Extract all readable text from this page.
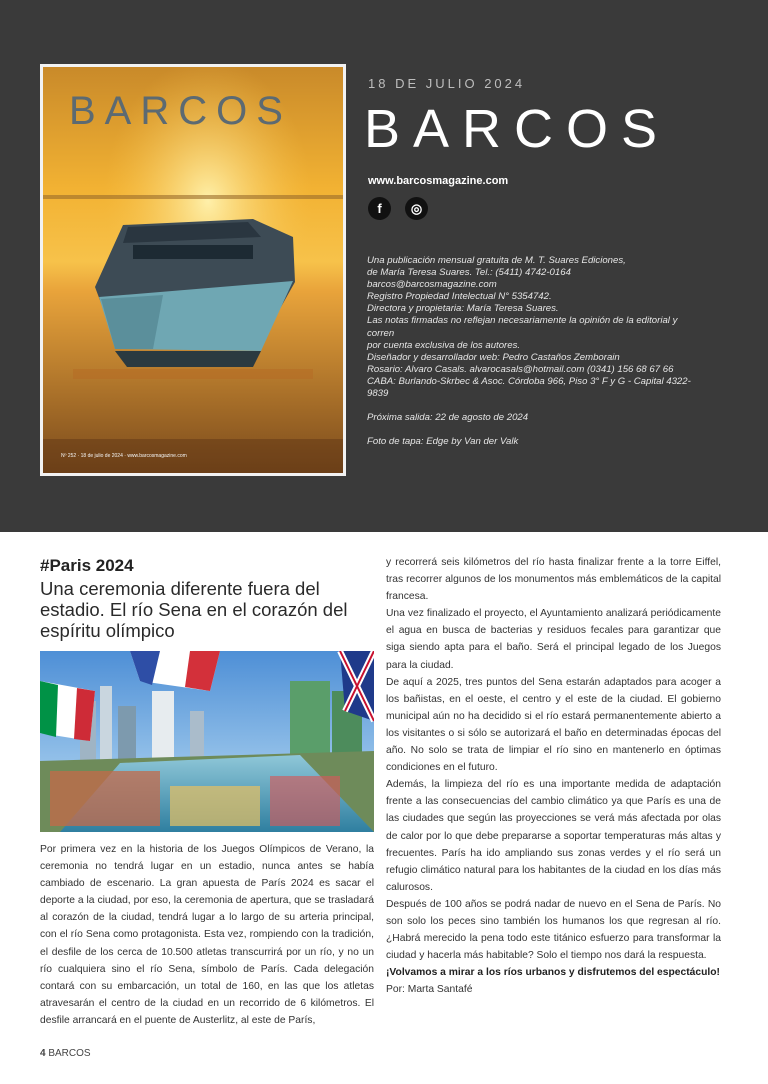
BARCOS
Nº 252 · 18 de julio de 2024 · www.barcosmagazine.com
18 DE JULIO 2024
BARCOS
www.barcosmagazine.com
f	◎

Una publicación mensual gratuita de M. T. Suares Ediciones,

de María Teresa Suares. Tel.: (5411) 4742-0164

barcos@barcosmagazine.com

Registro Propiedad Intelectual N° 5354742.

Directora y propietaria: María Teresa Suares.

Las notas firmadas no reflejan necesariamente la opinión de la editorial y corren

por cuenta exclusiva de los autores.

Diseñador y desarrollador web: Pedro Castaños Zemborain

Rosario: Alvaro Casals. alvarocasals@hotmail.com (0341) 156 68 67 66

CABA: Burlando-Skrbec & Asoc. Córdoba 966, Piso 3° F y G - Capital 4322-9839

Próxima salida: 22 de agosto de 2024

Foto de tapa: Edge by Van der Valk

#Paris 2024
Una ceremonia diferente fuera del estadio. El río Sena en el corazón del espíritu olímpico

Por primera vez en la historia de los Juegos Olímpicos de Verano, la ceremonia no tendrá lugar en un estadio, nunca antes se había cambiado de escenario. La gran apuesta de París 2024 es sacar el deporte a la ciudad, por eso, la ceremonia de apertura, que se trasladará al corazón de la ciudad, tendrá lugar a lo largo de su arteria principal, con el río Sena como protagonista. Esta vez, rompiendo con la tradición, el desfile de los cerca de 10.500 atletas transcurrirá por un río, y no un río cualquiera sino el río Sena, símbolo de París. Cada delegación contará con su embarcación, un total de 160, en las que los atletas atravesarán el centro de la ciudad en un recorrido de 6 kilómetros. El desfile arrancará en el puente de Austerlitz, al este de París,

y recorrerá seis kilómetros del río hasta finalizar frente a la torre Eiffel, tras recorrer algunos de los monumentos más emblemáticos de la capital francesa.

Una vez finalizado el proyecto, el Ayuntamiento analizará periódicamente el agua en busca de bacterias y residuos fecales para garantizar que siga siendo apta para el baño. Será el principal legado de los Juegos para la ciudad.

De aquí a 2025, tres puntos del Sena estarán adaptados para acoger a los bañistas, en el oeste, el centro y el este de la ciudad. El gobierno municipal aún no ha decidido si el río estará permanentemente abierto a los visitantes o si sólo se autorizará el baño en determinadas épocas del año. No solo se trata de limpiar el río sino en mantenerlo en óptimas condiciones en el futuro.

Además, la limpieza del río es una importante medida de adaptación frente a las consecuencias del cambio climático ya que París es una de las ciudades que según las proyecciones se verá más afectada por olas de calor por lo que debe prepararse a soportar temperaturas más altas y frecuentes. París ha ido ampliando sus zonas verdes y el río será un refugio climático natural para los habitantes de la ciudad en los días más calurosos.

Después de 100 años se podrá nadar de nuevo en el Sena de París. No son solo los peces sino también los humanos los que regresan al río. ¿Habrá merecido la pena todo este titánico esfuerzo para transformar la ciudad y hacerla más habitable? Solo el tiempo nos dará la respuesta.

¡Volvamos a mirar a los ríos urbanos y disfrutemos del espectáculo!

Por: Marta Santafé

4 BARCOS
